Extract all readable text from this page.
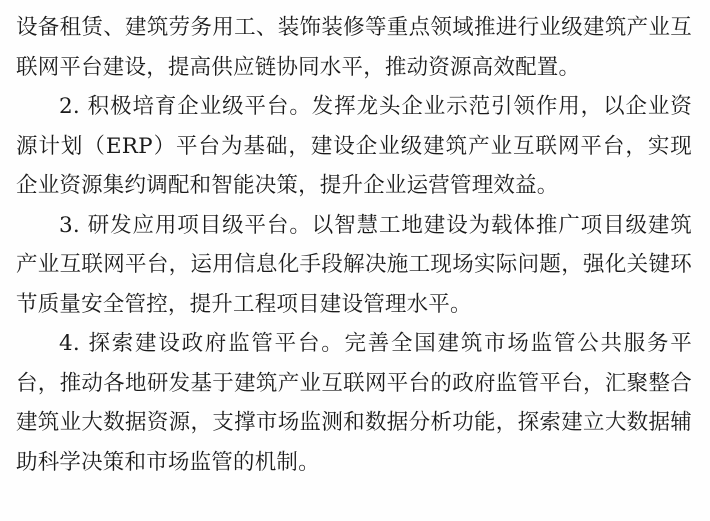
设备租赁、建筑劳务用工、装饰装修等重点领域推进行业级建筑产业互联网平台建设，提高供应链协同水平，推动资源高效配置。

2. 积极培育企业级平台。发挥龙头企业示范引领作用，以企业资源计划（ERP）平台为基础，建设企业级建筑产业互联网平台，实现企业资源集约调配和智能决策，提升企业运营管理效益。

3. 研发应用项目级平台。以智慧工地建设为载体推广项目级建筑产业互联网平台，运用信息化手段解决施工现场实际问题，强化关键环节质量安全管控，提升工程项目建设管理水平。

4. 探索建设政府监管平台。完善全国建筑市场监管公共服务平台，推动各地研发基于建筑产业互联网平台的政府监管平台，汇聚整合建筑业大数据资源，支撑市场监测和数据分析功能，探索建立大数据辅助科学决策和市场监管的机制。
